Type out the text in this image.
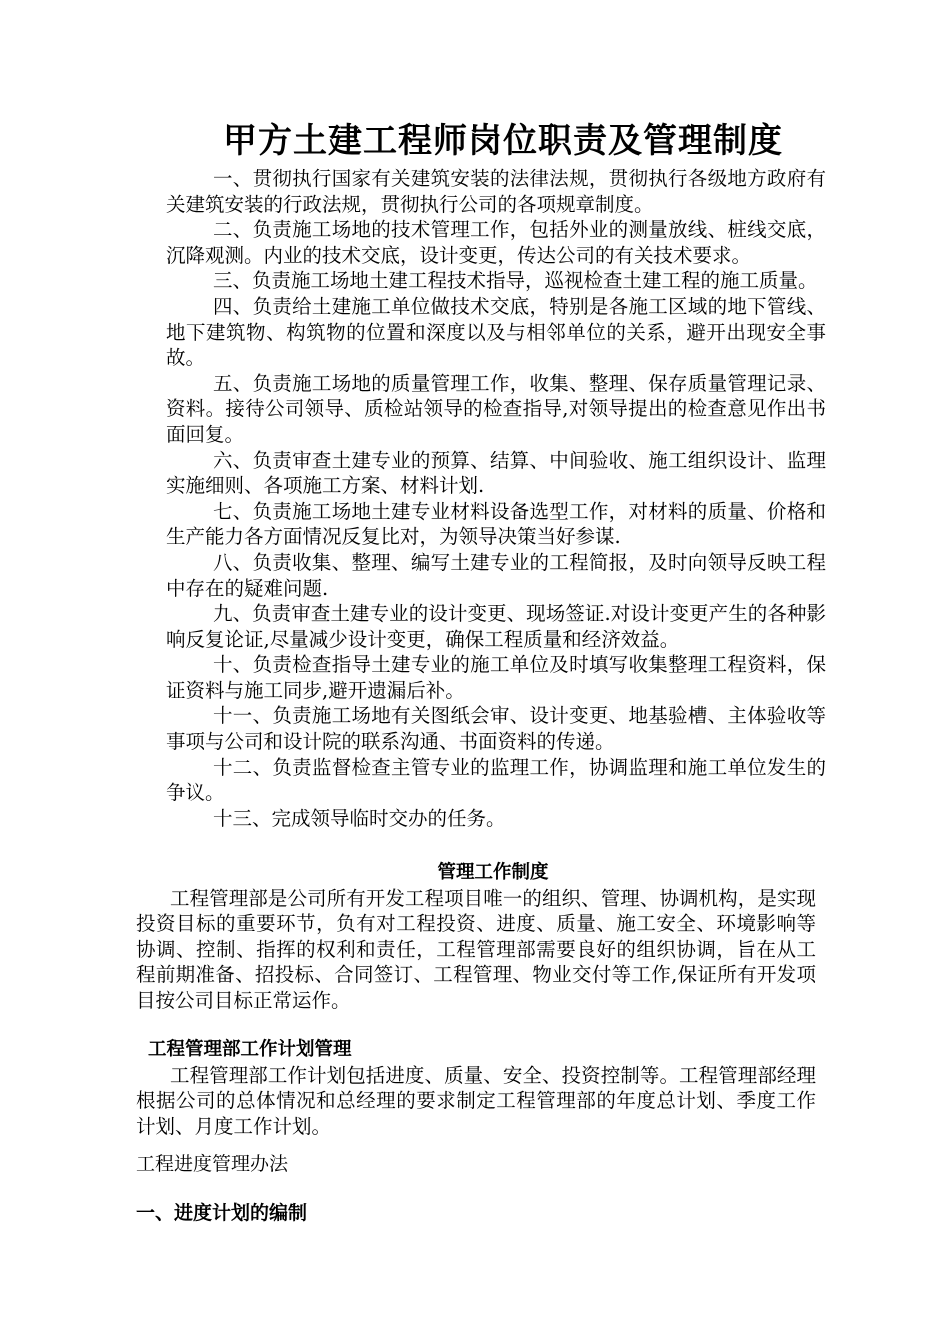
甲方土建工程师岗位职责及管理制度

一、贯彻执行国家有关建筑安装的法律法规，贯彻执行各级地方政府有关建筑安装的行政法规，贯彻执行公司的各项规章制度。

二、负责施工场地的技术管理工作，包括外业的测量放线、桩线交底，沉降观测。内业的技术交底，设计变更，传达公司的有关技术要求。

三、负责施工场地土建工程技术指导，巡视检查土建工程的施工质量。

四、负责给土建施工单位做技术交底，特别是各施工区域的地下管线、地下建筑物、构筑物的位置和深度以及与相邻单位的关系，避开出现安全事故。

五、负责施工场地的质量管理工作，收集、整理、保存质量管理记录、资料。接待公司领导、质检站领导的检查指导,对领导提出的检查意见作出书面回复。

六、负责审查土建专业的预算、结算、中间验收、施工组织设计、监理实施细则、各项施工方案、材料计划.

七、负责施工场地土建专业材料设备选型工作，对材料的质量、价格和生产能力各方面情况反复比对，为领导决策当好参谋.

八、负责收集、整理、编写土建专业的工程简报，及时向领导反映工程中存在的疑难问题.

九、负责审查土建专业的设计变更、现场签证.对设计变更产生的各种影响反复论证,尽量减少设计变更，确保工程质量和经济效益。

十、负责检查指导土建专业的施工单位及时填写收集整理工程资料，保证资料与施工同步,避开遗漏后补。

十一、负责施工场地有关图纸会审、设计变更、地基验槽、主体验收等事项与公司和设计院的联系沟通、书面资料的传递。

十二、负责监督检查主管专业的监理工作，协调监理和施工单位发生的争议。

十三、完成领导临时交办的任务。

管理工作制度

工程管理部是公司所有开发工程项目唯一的组织、管理、协调机构，是实现投资目标的重要环节，负有对工程投资、进度、质量、施工安全、环境影响等协调、控制、指挥的权利和责任，工程管理部需要良好的组织协调，旨在从工程前期准备、招投标、合同签订、工程管理、物业交付等工作,保证所有开发项目按公司目标正常运作。

工程管理部工作计划管理

工程管理部工作计划包括进度、质量、安全、投资控制等。工程管理部经理根据公司的总体情况和总经理的要求制定工程管理部的年度总计划、季度工作计划、月度工作计划。

工程进度管理办法

一、进度计划的编制
